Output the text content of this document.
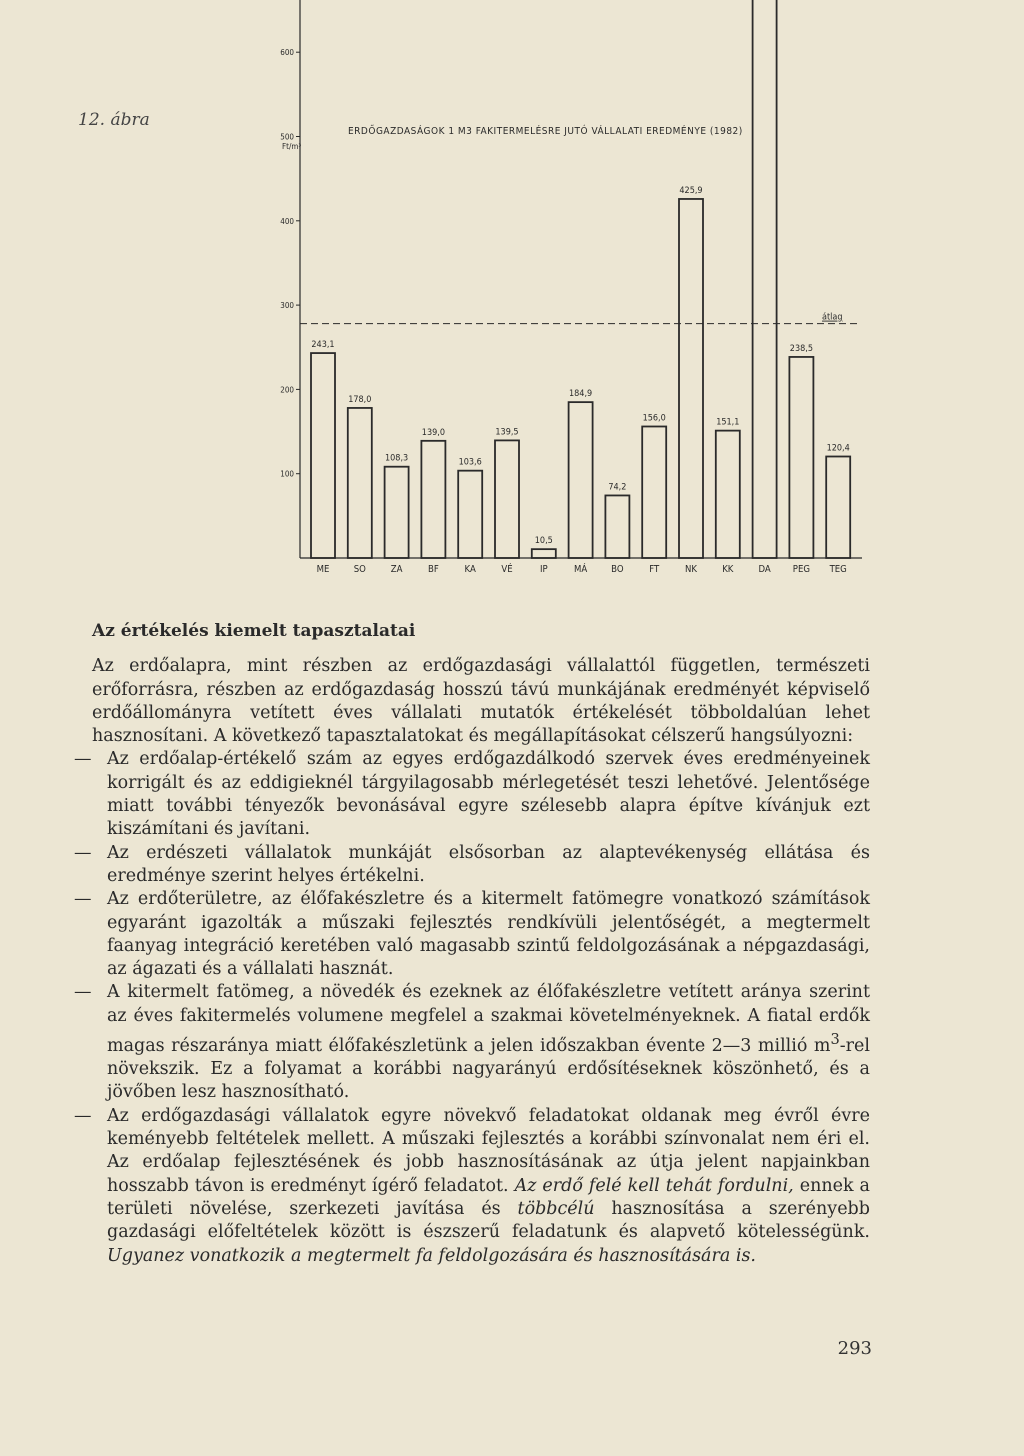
12. ábra
ERDŐGAZDASÁGOK 1 M3 FAKITERMELÉSRE JUTÓ VÁLLALATI EREDMÉNYE (1982)
Ft/m³
100
200
300
400
500
600
243,1
ME
178,0
SO
108,3
ZA
139,0
BF
103,6
KA
139,5
VÉ
10,5
IP
184,9
MÁ
74,2
BO
156,0
FT
425,9
NK
151,1
KK	DA
238,5
PEG
120,4
TEG
átlag
Az értékelés kiemelt tapasztalatai

Az erdőalapra, mint részben az erdőgazdasági vállalattól független, természeti erőforrásra, részben az erdőgazdaság hosszú távú munkájának eredményét képviselő erdőállományra vetített éves vállalati mutatók értékelését többoldalúan lehet hasznosítani. A következő tapasztalatokat és megállapításokat célszerű hangsúlyozni:

— Az erdőalap-értékelő szám az egyes erdőgazdálkodó szervek éves eredményeinek korrigált és az eddigieknél tárgyilagosabb mérlegetését teszi lehetővé. Jelentősége miatt további tényezők bevonásával egyre szélesebb alapra építve kívánjuk ezt kiszámítani és javítani.

— Az erdészeti vállalatok munkáját elsősorban az alaptevékenység ellátása és eredménye szerint helyes értékelni.

— Az erdőterületre, az élőfakészletre és a kitermelt fatömegre vonatkozó számítások egyaránt igazolták a műszaki fejlesztés rendkívüli jelentőségét, a megtermelt faanyag integráció keretében való magasabb szintű feldolgozásának a népgazdasági, az ágazati és a vállalati hasznát.

— A kitermelt fatömeg, a növedék és ezeknek az élőfakészletre vetített aránya szerint az éves fakitermelés volumene megfelel a szakmai követelményeknek. A fiatal erdők magas részaránya miatt élőfakészletünk a jelen időszakban évente 2—3 millió $m^3$-rel növekszik. Ez a folyamat a korábbi nagyarányú erdősítéseknek köszönhető, és a jövőben lesz hasznosítható.

— Az erdőgazdasági vállalatok egyre növekvő feladatokat oldanak meg évről évre keményebb feltételek mellett. A műszaki fejlesztés a korábbi színvonalat nem éri el. Az erdőalap fejlesztésének és jobb hasznosításának az útja jelent napjainkban hosszabb távon is eredményt ígérő feladatot. Az erdő felé kell tehát fordulni, ennek a területi növelése, szerkezeti javítása és többcélú hasznosítása a szerényebb gazdasági előfeltételek között is észszerű feladatunk és alapvető kötelességünk. Ugyanez vonatkozik a megtermelt fa feldolgozására és hasznosítására is.

293
